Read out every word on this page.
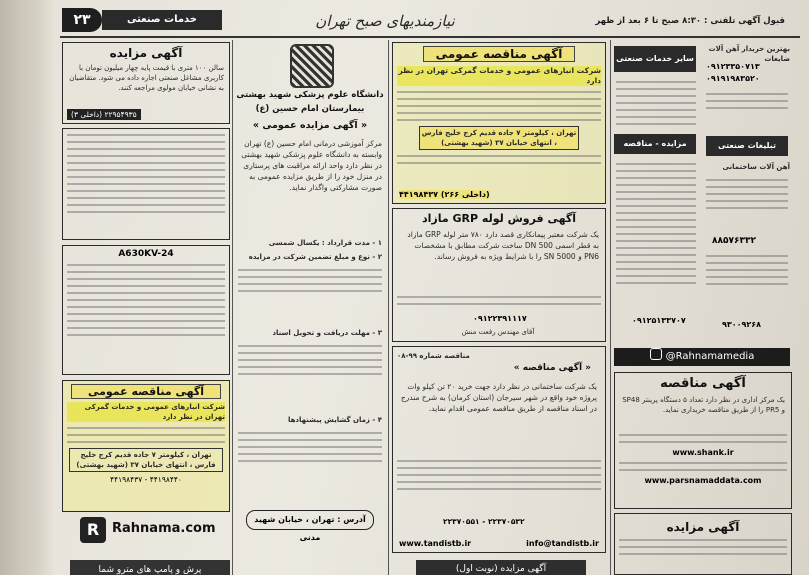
۲۳	خدمات صنعتی	نیازمندیهای صبح تهران	قبول آگهی تلفنی : ۸:۳۰ صبح تا ۶ بعد از ظهر
آگهی مزایده
سالن ۱۰۰ متری با قیمت پایه چهار میلیون تومان با کاربری مشاغل صنعتی اجاره داده می شود. متقاضیان به نشانی خیابان مولوی مراجعه کنند.
۲۲۹۵۴۹۳۵ (داخلی ۳)
A630KV-24
آگهی مناقصه عمومی
شرکت انبارهای عمومی و خدمات گمرکی تهران در نظر دارد
تهران ، کیلومتر ۷ جاده قدیم کرج خلیج فارس ، انتهای خیابان ۳۷ (شهید بهشتی)
۴۴۱۹۸۴۳۷ - ۴۴۱۹۸۴۴۰
R Rahnama.com
پرش و پامپ های مترو شما
دانشگاه علوم پزشکی شهید بهشتی
بیمارستان امام حسین (ع)
« آگهی مزایده عمومی »
مرکز آموزشی درمانی امام حسین (ع) تهران وابسته به دانشگاه علوم پزشکی شهید بهشتی در نظر دارد واحد ارائه مراقبت های پرستاری در منزل خود را از طریق مزایده عمومی به صورت مشارکتی واگذار نماید.
۱ - مدت قرارداد : یکسال شمسی
۲ - نوع و مبلغ تضمین شرکت در مزایده
۳ - مهلت دریافت و تحویل اسناد
۴ - زمان گشایش پیشنهادها
آدرس : تهران ، خیابان شهید مدنی
آگهی مناقصه عمومی
شرکت انبارهای عمومی و خدمات گمرکی تهران در نظر دارد
تهران ، کیلومتر ۷ جاده قدیم کرج خلیج فارس ، انتهای خیابان ۳۷ (شهید بهشتی)
۴۴۱۹۸۴۳۷ (داخلی ۲۶۶)
آگهی فروش لوله GRP مازاد
یک شرکت معتبر پیمانکاری قصد دارد ۷۸۰ متر لوله GRP مازاد به قطر اسمی DN 500 ساخت شرکت مطابق با مشخصات PN6 و SN 5000 را با شرایط ویژه به فروش رساند.
۰۹۱۲۲۳۹۱۱۱۷
آقای مهندس رفعت منش
مناقصه شماره ۹۹-۰۸
« آگهی مناقصه »
یک شرکت ساختمانی در نظر دارد جهت خرید ۲۰ تن کیلو وات پروژه خود واقع در شهر سیرجان (استان کرمان) به شرح مندرج در اسناد مناقصه از طریق مناقصه عمومی اقدام نماید.
۲۲۳۷۰۵۵۱ - ۲۲۳۷۰۵۳۲
www.tandistb.ir	info@tandistb.ir
آگهی مزایده (نوبت اول)
سایر خدمات صنعتی
مزایده - مناقصه
بهترین خریدار آهن آلات ضایعات
۰۹۱۲۳۳۵۰۷۱۳
۰۹۱۹۱۹۸۳۵۲۰
تبلیغات صنعتی
آهن آلات ساختمانی
۸۸۵۷۶۳۳۲
۰۹۱۲۵۱۳۳۷۰۷	۹۳۰۰۹۲۶۸
@Rahnamamedia
آگهی مناقصه
یک مرکز اداری در نظر دارد تعداد ۵ دستگاه پرینتر SP48 و PR5 را از طریق مناقصه خریداری نماید.
www.shank.ir
www.parsnamaddata.com
آگهی مزایده
